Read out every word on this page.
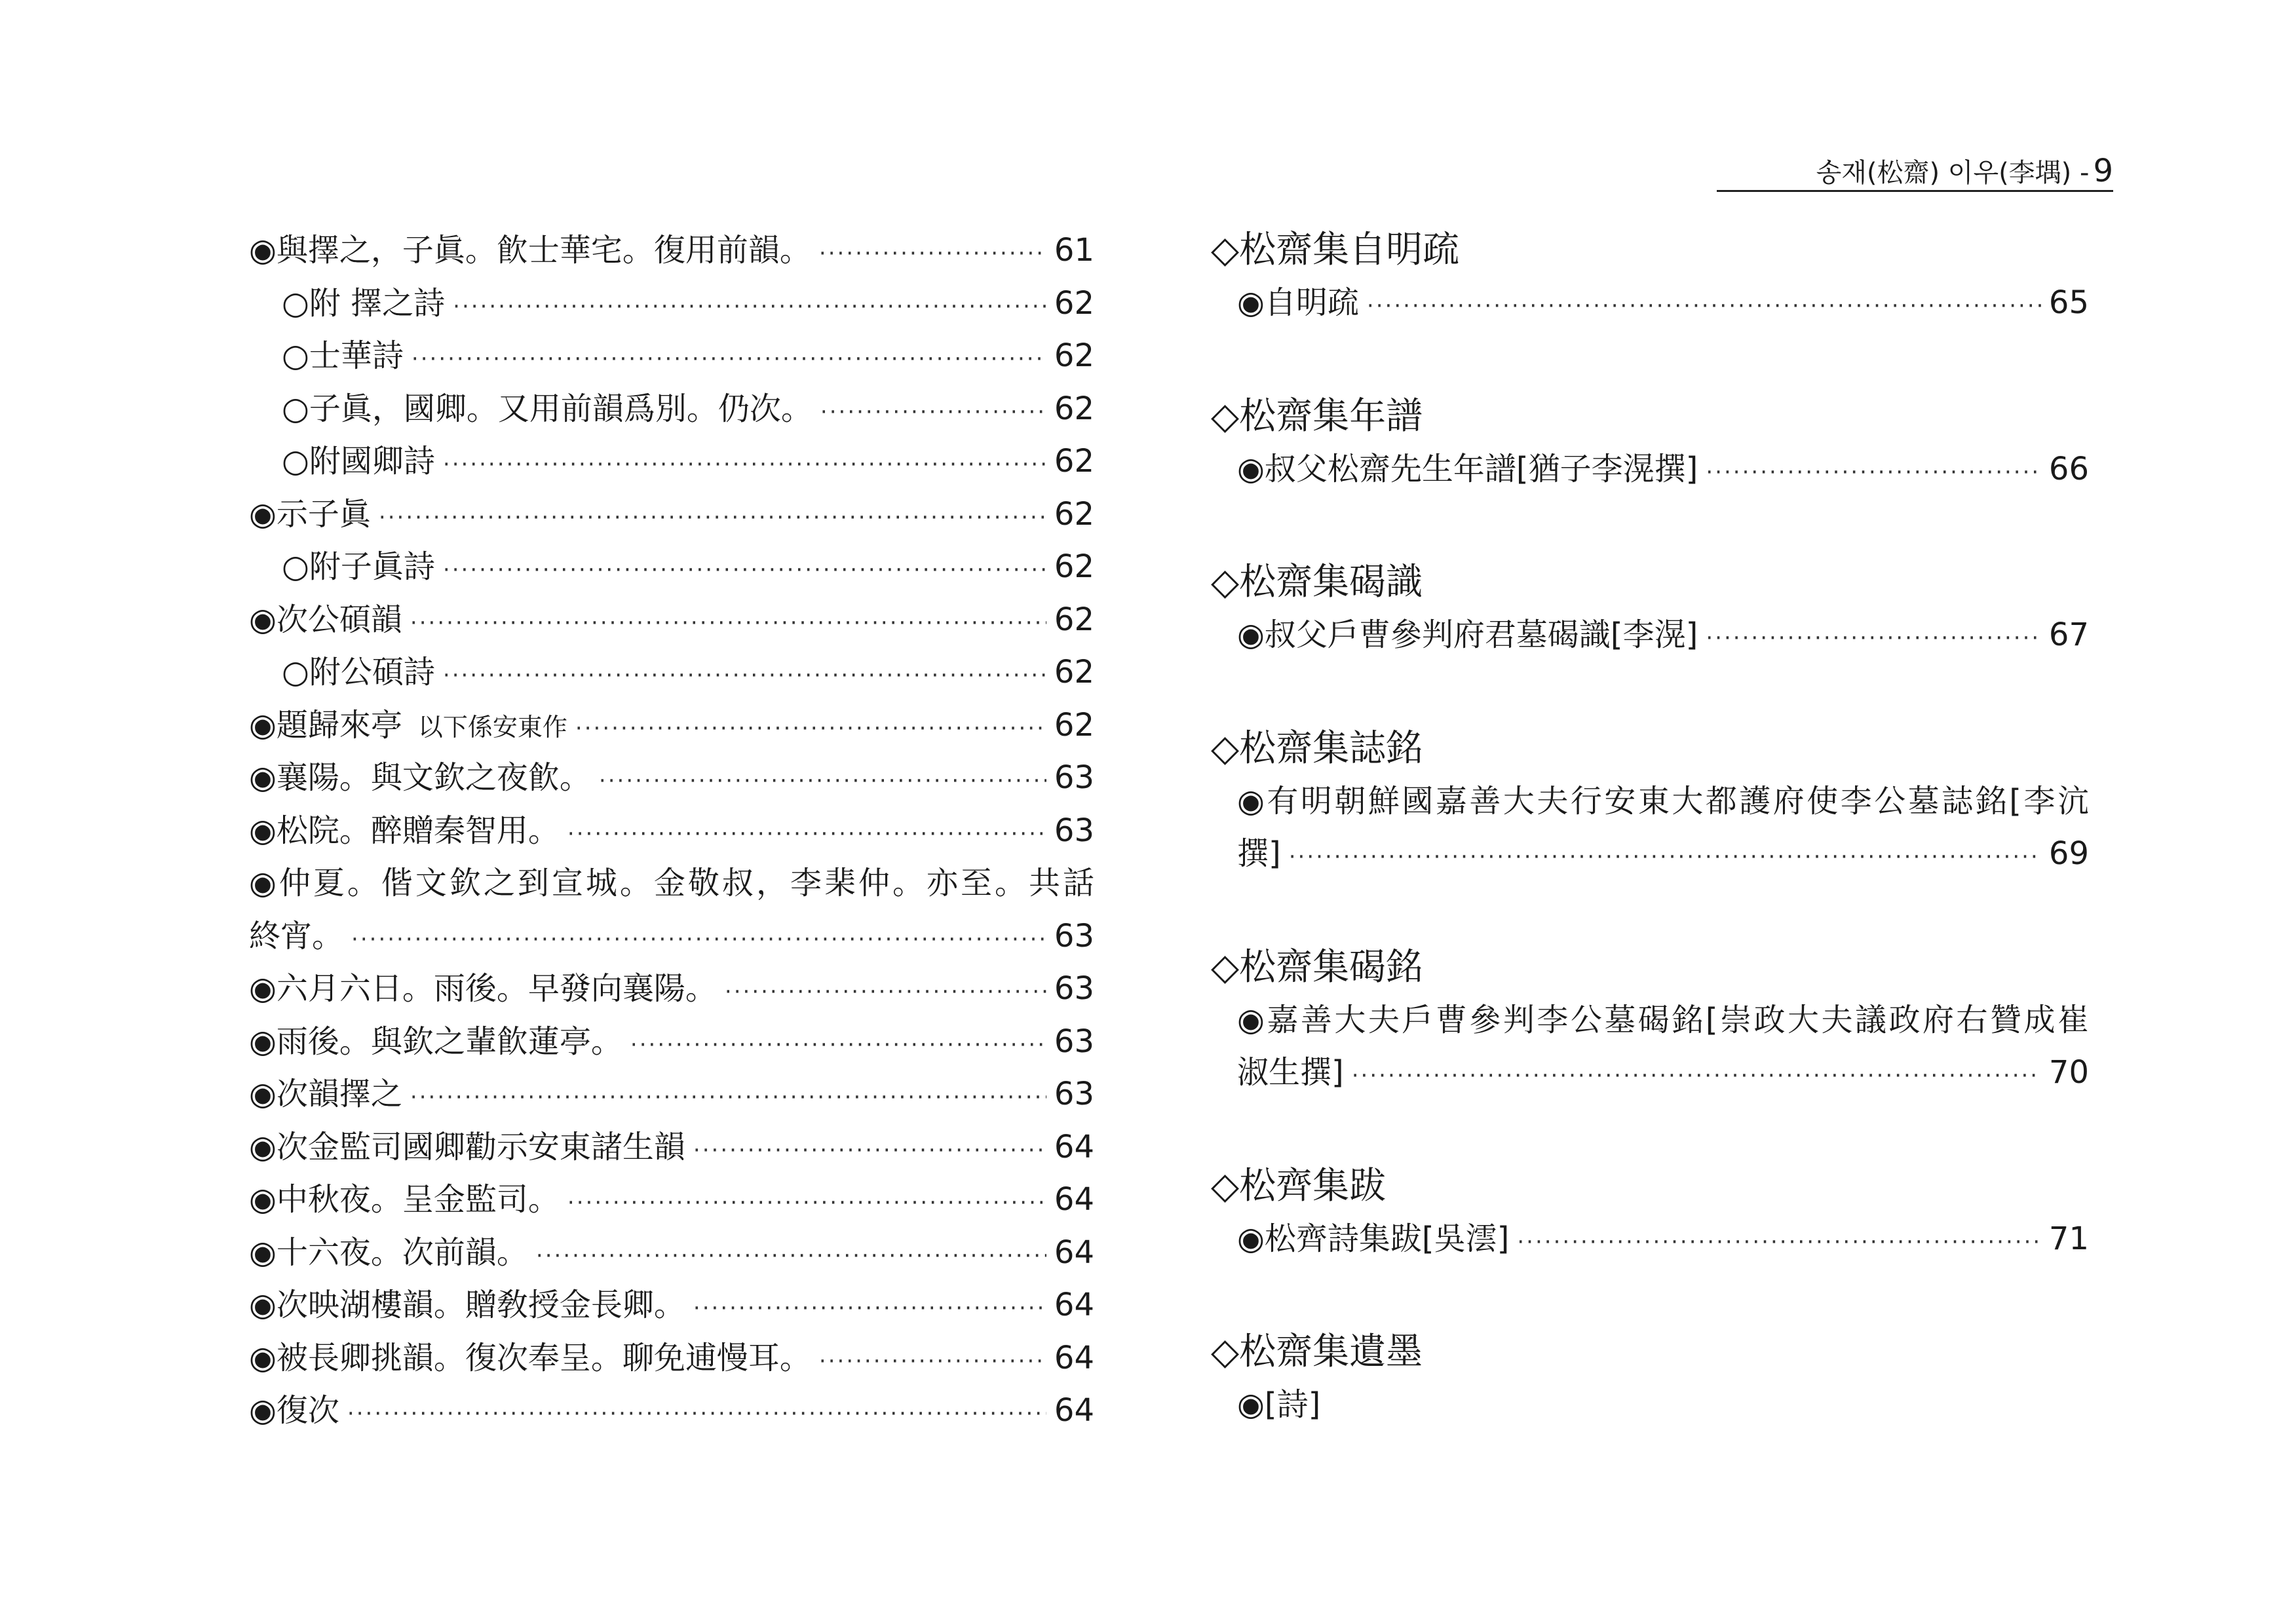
송재(松齋) 이우(李堣) - 9
◉與擇之，子眞。飮士華宅。復用前韻。 ·····	61
○附 擇之詩 ·····	62
○士華詩 ·····	62
○子眞，國卿。又用前韻爲別。仍次。 ·····	62
○附國卿詩 ·····	62
◉示子眞 ·····	62
○附子眞詩 ·····	62
◉次公碩韻 ·····	62
○附公碩詩 ·····	62
◉題歸來亭 以下係安東作 ·····	62
◉襄陽。與文欽之夜飮。 ·····	63
◉松院。醉贈秦智用。 ·····	63
◉仲夏。偕文欽之到宣城。金敬叔，李棐仲。亦至。共話
終宵。 ·····	63
◉六月六日。雨後。早發向襄陽。 ·····	63
◉雨後。與欽之輩飮蓮亭。 ·····	63
◉次韻擇之 ·····	63
◉次金監司國卿勸示安東諸生韻 ·····	64
◉中秋夜。呈金監司。 ·····	64
◉十六夜。次前韻。 ·····	64
◉次映湖樓韻。贈敎授金長卿。 ·····	64
◉被長卿挑韻。復次奉呈。聊免逋慢耳。 ·····	64
◉復次 ·····	64
◇松齋集自明疏
◉自明疏 ·····	65
◇松齋集年譜
◉叔父松齋先生年譜[猶子李滉撰] ·····	66
◇松齋集碣識
◉叔父戶曹參判府君墓碣識[李滉] ·····	67
◇松齋集誌銘
◉有明朝鮮國嘉善大夫行安東大都護府使李公墓誌銘[李沆
撰] ·····	69
◇松齋集碣銘
◉嘉善大夫戶曹參判李公墓碣銘[崇政大夫議政府右贊成崔
淑生撰] ·····	70
◇松齊集跋
◉松齊詩集跋[吳澐] ·····	71
◇松齋集遺墨
◉[詩]
